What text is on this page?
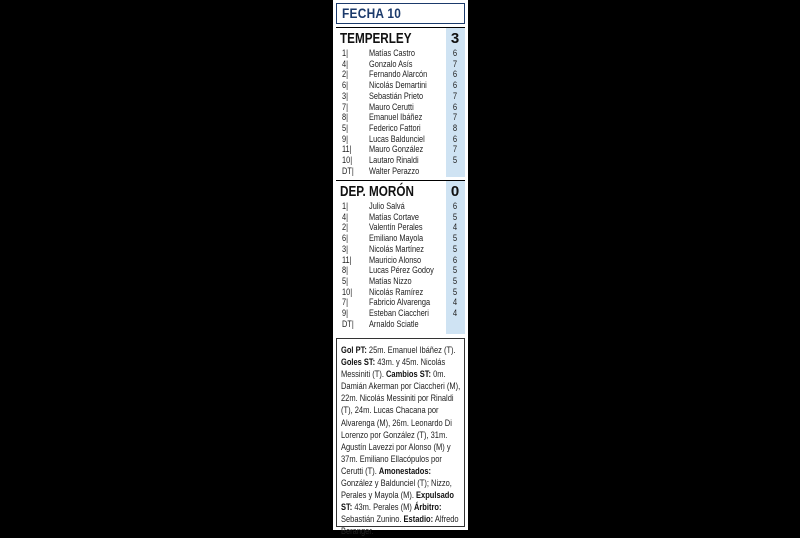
FECHA 10
TEMPERLEY	3
1| Matías Castro	6
4| Gonzalo Asís	7
2| Fernando Alarcón	6
6| Nicolás Demartini	6
3| Sebastián Prieto	7
7| Mauro Cerutti	6
8| Emanuel Ibáñez	7
5| Federico Fattori	8
9| Lucas Baldunciel	6
11| Mauro González	7
10| Lautaro Rinaldi	5
DT| Walter Perazzo
DEP. MORÓN 0
1| Julio Salvá	6
4| Matías Cortave	5
2| Valentín Perales	4
6| Emiliano Mayola	5
3| Nicolás Martínez	5
11| Mauricio Alonso	6
8| Lucas Pérez Godoy	5
5| Matías Nizzo	5
10| Nicolás Ramírez	5
7| Fabricio Alvarenga	4
9| Esteban Ciaccheri	4
DT| Arnaldo Sciatle
Gol PT: 25m. Emanuel Ibáñez (T). Goles ST: 43m. y 45m. Nicolás Messiniti (T). Cambios ST: 0m. Damián Akerman por Ciaccheri (M), 22m. Nicolás Messiniti por Rinaldi (T), 24m. Lucas Chacana por Alvarenga (M), 26m. Leonardo Di Lorenzo por González (T), 31m. Agustín Lavezzi por Alonso (M) y 37m. Emiliano Ellacópulos por Cerutti (T). Amonestados: González y Baldunciel (T); Nizzo, Perales y Mayola (M). Expulsado ST: 43m. Perales (M) Árbitro: Sebastián Zunino. Estadio: Alfredo Beranger.
